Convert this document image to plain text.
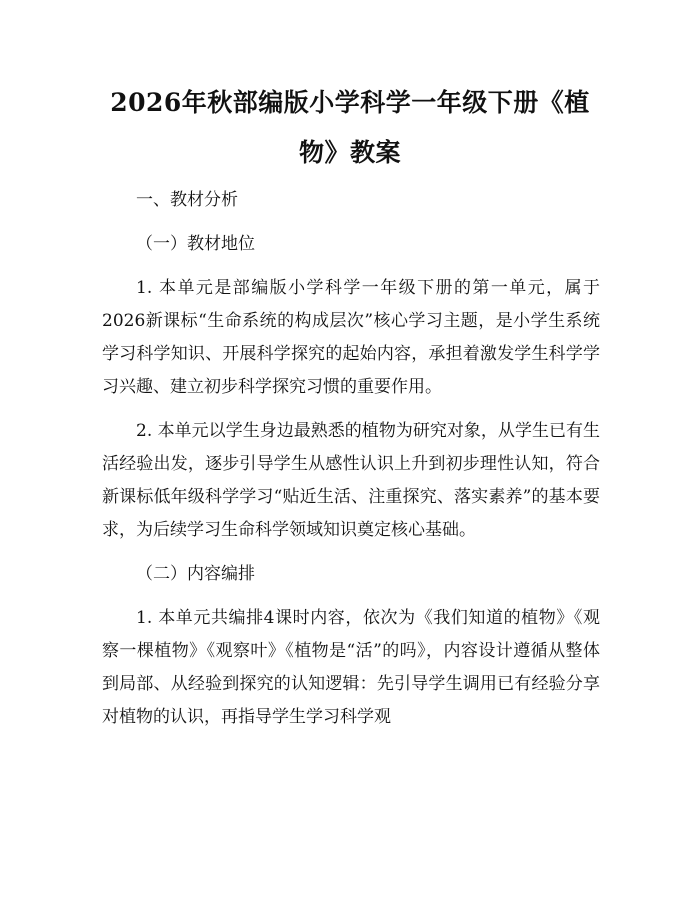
2026年秋部编版小学科学一年级下册《植物》教案
一、教材分析
（一）教材地位
1. 本单元是部编版小学科学一年级下册的第一单元，属于2026新课标“生命系统的构成层次”核心学习主题，是小学生系统学习科学知识、开展科学探究的起始内容，承担着激发学生科学学习兴趣、建立初步科学探究习惯的重要作用。
2. 本单元以学生身边最熟悉的植物为研究对象，从学生已有生活经验出发，逐步引导学生从感性认识上升到初步理性认知，符合新课标低年级科学学习“贴近生活、注重探究、落实素养”的基本要求，为后续学习生命科学领域知识奠定核心基础。
（二）内容编排
1. 本单元共编排4课时内容，依次为《我们知道的植物》《观察一棵植物》《观察叶》《植物是“活”的吗》，内容设计遵循从整体到局部、从经验到探究的认知逻辑：先引导学生调用已有经验分享对植物的认识，再指导学生学习科学观
